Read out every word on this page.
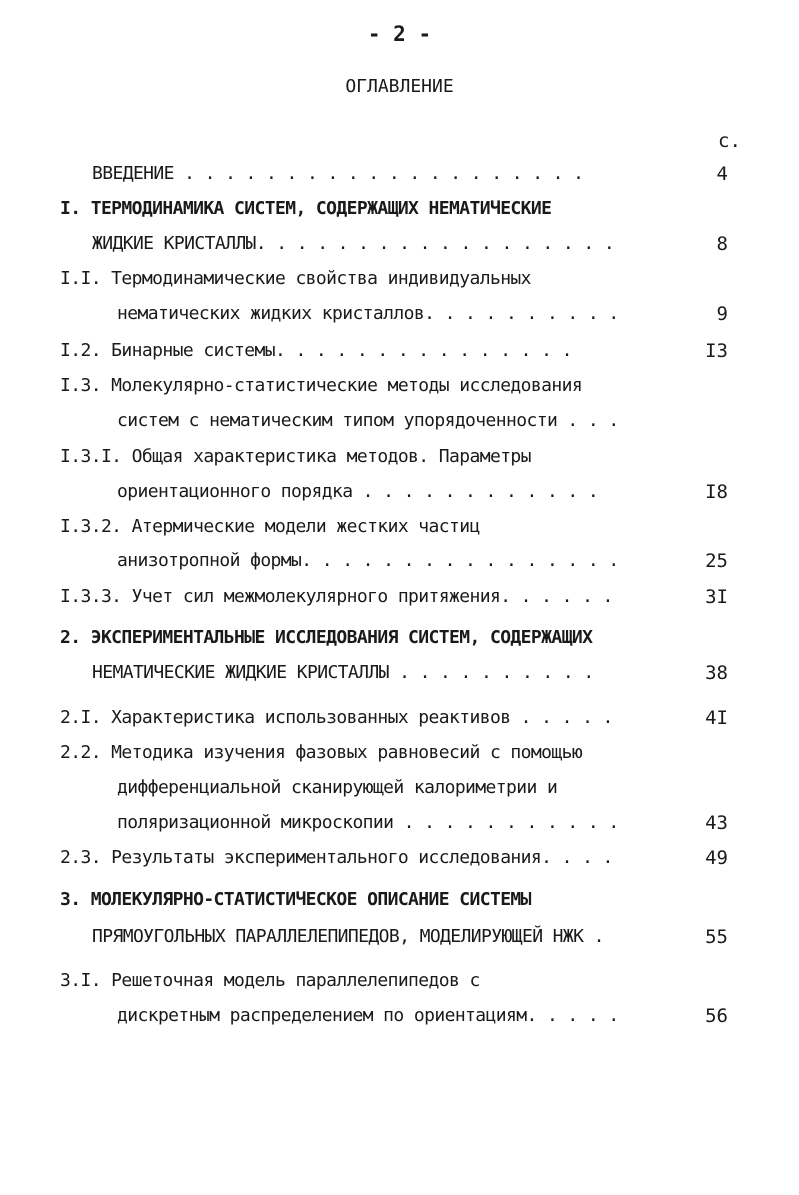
- 2 -
ОГЛАВЛЕНИЕ
с.
ВВЕДЕНИЕ . . . . . . . . . . . . . . . . . . . .	4
I. ТЕРМОДИНАМИКА СИСТЕМ, СОДЕРЖАЩИХ НЕМАТИЧЕСКИЕ
ЖИДКИЕ КРИСТАЛЛЫ. . . . . . . . . . . . . . . . . .	8
I.I. Термодинамические свойства индивидуальных
нематических жидких кристаллов. . . . . . . . . .	9
I.2. Бинарные системы. . . . . . . . . . . . . . .	I3
I.3. Молекулярно-статистические методы исследования
систем с нематическим типом упорядоченности . . .
I.3.I. Общая характеристика методов. Параметры
ориентационного порядка . . . . . . . . . . . .	I8
I.3.2. Атермические модели жестких частиц
анизотропной формы. . . . . . . . . . . . . . . .	25
I.3.3. Учет сил межмолекулярного притяжения. . . . . .	3I
2. ЭКСПЕРИМЕНТАЛЬНЫЕ ИССЛЕДОВАНИЯ СИСТЕМ, СОДЕРЖАЩИХ
НЕМАТИЧЕСКИЕ ЖИДКИЕ КРИСТАЛЛЫ . . . . . . . . . .	38
2.I. Характеристика использованных реактивов . . . . .	4I
2.2. Методика изучения фазовых равновесий с помощью
дифференциальной сканирующей калориметрии и
поляризационной микроскопии . . . . . . . . . . .	43
2.3. Результаты экспериментального исследования. . . .	49
3. МОЛЕКУЛЯРНО-СТАТИСТИЧЕСКОЕ ОПИСАНИЕ СИСТЕМЫ
ПРЯМОУГОЛЬНЫХ ПАРАЛЛЕЛЕПИПЕДОВ, МОДЕЛИРУЮЩЕЙ НЖК .	55
3.I. Решеточная модель параллелепипедов с
дискретным распределением по ориентациям. . . . .	56
